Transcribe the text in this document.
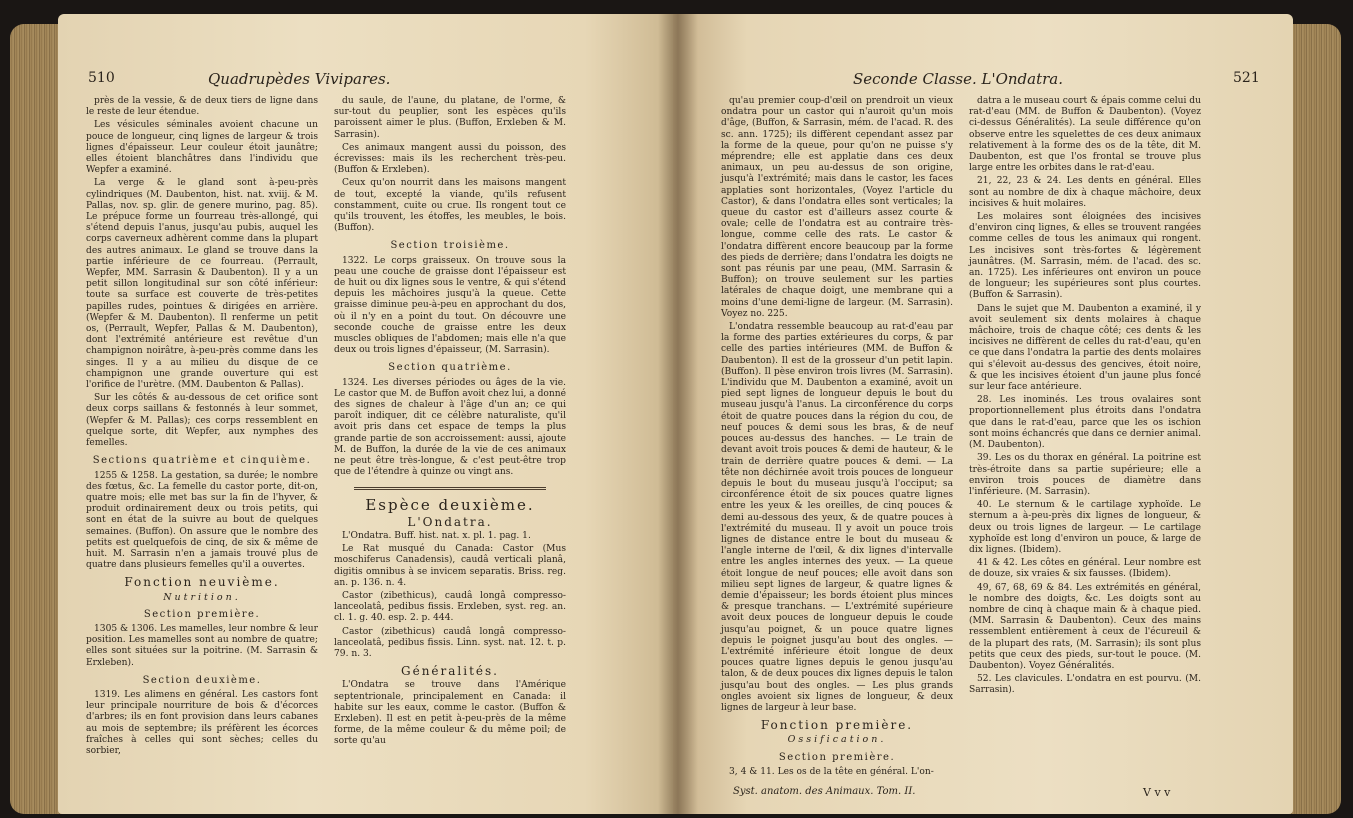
510	Quadrupèdes Vivipares.

près de la vessie, & de deux tiers de ligne dans le reste de leur étendue.

Les vésicules séminales avoient chacune un pouce de longueur, cinq lignes de largeur & trois lignes d'épaisseur. Leur couleur étoit jaunâtre; elles étoient blanchâtres dans l'individu que Wepfer a examiné.

La verge & le gland sont à-peu-près cylindriques (M. Daubenton, hist. nat. xviij. & M. Pallas, nov. sp. glir. de genere murino, pag. 85). Le prépuce forme un fourreau très-allongé, qui s'étend depuis l'anus, jusqu'au pubis, auquel les corps caverneux adhèrent comme dans la plupart des autres animaux. Le gland se trouve dans la partie inférieure de ce fourreau. (Perrault, Wepfer, MM. Sarrasin & Daubenton). Il y a un petit sillon longitudinal sur son côté inférieur: toute sa surface est couverte de très-petites papilles rudes, pointues & dirigées en arrière. (Wepfer & M. Daubenton). Il renferme un petit os, (Perrault, Wepfer, Pallas & M. Daubenton), dont l'extrémité antérieure est revêtue d'un champignon noirâtre, à-peu-près comme dans les singes. Il y a au milieu du disque de ce champignon une grande ouverture qui est l'orifice de l'urètre. (MM. Daubenton & Pallas).

Sur les côtés & au-dessous de cet orifice sont deux corps saillans & festonnés à leur sommet, (Wepfer & M. Pallas); ces corps ressemblent en quelque sorte, dit Wepfer, aux nymphes des femelles.

Sections quatrième et cinquième.

1255 & 1258. La gestation, sa durée; le nombre des fœtus, &c. La femelle du castor porte, dit-on, quatre mois; elle met bas sur la fin de l'hyver, & produit ordinairement deux ou trois petits, qui sont en état de la suivre au bout de quelques semaines. (Buffon). On assure que le nombre des petits est quelquefois de cinq, de six & même de huit. M. Sarrasin n'en a jamais trouvé plus de quatre dans plusieurs femelles qu'il a ouvertes.

Fonction neuvième.
Nutrition.
Section première.

1305 & 1306. Les mamelles, leur nombre & leur position. Les mamelles sont au nombre de quatre; elles sont situées sur la poitrine. (M. Sarrasin & Erxleben).

Section deuxième.

1319. Les alimens en général. Les castors font leur principale nourriture de bois & d'écorces d'arbres; ils en font provision dans leurs cabanes au mois de septembre; ils préfèrent les écorces fraîches à celles qui sont sèches; celles du sorbier,

du saule, de l'aune, du platane, de l'orme, & sur-tout du peuplier, sont les espèces qu'ils paroissent aimer le plus. (Buffon, Erxleben & M. Sarrasin).

Ces animaux mangent aussi du poisson, des écrevisses: mais ils les recherchent très-peu. (Buffon & Erxleben).

Ceux qu'on nourrit dans les maisons mangent de tout, excepté la viande, qu'ils refusent constamment, cuite ou crue. Ils rongent tout ce qu'ils trouvent, les étoffes, les meubles, le bois. (Buffon).

Section troisième.

1322. Le corps graisseux. On trouve sous la peau une couche de graisse dont l'épaisseur est de huit ou dix lignes sous le ventre, & qui s'étend depuis les mâchoires jusqu'à la queue. Cette graisse diminue peu-à-peu en approchant du dos, où il n'y en a point du tout. On découvre une seconde couche de graisse entre les deux muscles obliques de l'abdomen; mais elle n'a que deux ou trois lignes d'épaisseur, (M. Sarrasin).

Section quatrième.

1324. Les diverses périodes ou âges de la vie. Le castor que M. de Buffon avoit chez lui, a donné des signes de chaleur à l'âge d'un an; ce qui paroît indiquer, dit ce célèbre naturaliste, qu'il avoit pris dans cet espace de temps la plus grande partie de son accroissement: aussi, ajoute M. de Buffon, la durée de la vie de ces animaux ne peut être très-longue, & c'est peut-être trop que de l'étendre à quinze ou vingt ans.

Espèce deuxième.
L'Ondatra.

L'Ondatra. Buff. hist. nat. x. pl. 1. pag. 1.

Le Rat musqué du Canada: Castor (Mus moschiferus Canadensis), caudâ verticali planâ, digitis omnibus à se invicem separatis. Briss. reg. an. p. 136. n. 4.

Castor (zibethicus), caudâ longâ compresso-lanceolatâ, pedibus fissis. Erxleben, syst. reg. an. cl. 1. g. 40. esp. 2. p. 444.

Castor (zibethicus) caudâ longâ compresso-lanceolatâ, pedibus fissis. Linn. syst. nat. 12. t. p. 79. n. 3.

Généralités.

L'Ondatra se trouve dans l'Amérique septentrionale, principalement en Canada: il habite sur les eaux, comme le castor. (Buffon & Erxleben). Il est en petit à-peu-près de la même forme, de la même couleur & du même poil; de sorte qu'au

Seconde Classe. L'Ondatra.	521

qu'au premier coup-d'œil on prendroit un vieux ondatra pour un castor qui n'auroit qu'un mois d'âge, (Buffon, & Sarrasin, mém. de l'acad. R. des sc. ann. 1725); ils diffèrent cependant assez par la forme de la queue, pour qu'on ne puisse s'y méprendre; elle est applatie dans ces deux animaux, un peu au-dessus de son origine, jusqu'à l'extrémité; mais dans le castor, les faces applaties sont horizontales, (Voyez l'article du Castor), & dans l'ondatra elles sont verticales; la queue du castor est d'ailleurs assez courte & ovale; celle de l'ondatra est au contraire très-longue, comme celle des rats. Le castor & l'ondatra diffèrent encore beaucoup par la forme des pieds de derrière; dans l'ondatra les doigts ne sont pas réunis par une peau, (MM. Sarrasin & Buffon); on trouve seulement sur les parties latérales de chaque doigt, une membrane qui a moins d'une demi-ligne de largeur. (M. Sarrasin). Voyez no. 225.

L'ondatra ressemble beaucoup au rat-d'eau par la forme des parties extérieures du corps, & par celle des parties intérieures (MM. de Buffon & Daubenton). Il est de la grosseur d'un petit lapin. (Buffon). Il pèse environ trois livres (M. Sarrasin). L'individu que M. Daubenton a examiné, avoit un pied sept lignes de longueur depuis le bout du museau jusqu'à l'anus. La circonférence du corps étoit de quatre pouces dans la région du cou, de neuf pouces & demi sous les bras, & de neuf pouces au-dessus des hanches. — Le train de devant avoit trois pouces & demi de hauteur, & le train de derrière quatre pouces & demi. — La tête non déchirnée avoit trois pouces de longueur depuis le bout du museau jusqu'à l'occiput; sa circonférence étoit de six pouces quatre lignes entre les yeux & les oreilles, de cinq pouces & demi au-dessous des yeux, & de quatre pouces à l'extrémité du museau. Il y avoit un pouce trois lignes de distance entre le bout du museau & l'angle interne de l'œil, & dix lignes d'intervalle entre les angles internes des yeux. — La queue étoit longue de neuf pouces; elle avoit dans son milieu sept lignes de largeur, & quatre lignes & demie d'épaisseur; les bords étoient plus minces & presque tranchans. — L'extrémité supérieure avoit deux pouces de longueur depuis le coude jusqu'au poignet, & un pouce quatre lignes depuis le poignet jusqu'au bout des ongles. — L'extrémité inférieure étoit longue de deux pouces quatre lignes depuis le genou jusqu'au talon, & de deux pouces dix lignes depuis le talon jusqu'au bout des ongles. — Les plus grands ongles avoient six lignes de longueur, & deux lignes de largeur à leur base.

Fonction première.
Ossification.
Section première.

3, 4 & 11. Les os de la tête en général. L'on-

datra a le museau court & épais comme celui du rat-d'eau (MM. de Buffon & Daubenton). (Voyez ci-dessus Généralités). La seule différence qu'on observe entre les squelettes de ces deux animaux relativement à la forme des os de la tête, dit M. Daubenton, est que l'os frontal se trouve plus large entre les orbites dans le rat-d'eau.

21, 22, 23 & 24. Les dents en général. Elles sont au nombre de dix à chaque mâchoire, deux incisives & huit molaires.

Les molaires sont éloignées des incisives d'environ cinq lignes, & elles se trouvent rangées comme celles de tous les animaux qui rongent. Les incisives sont très-fortes & légèrement jaunâtres. (M. Sarrasin, mém. de l'acad. des sc. an. 1725). Les inférieures ont environ un pouce de longueur; les supérieures sont plus courtes. (Buffon & Sarrasin).

Dans le sujet que M. Daubenton a examiné, il y avoit seulement six dents molaires à chaque mâchoire, trois de chaque côté; ces dents & les incisives ne diffèrent de celles du rat-d'eau, qu'en ce que dans l'ondatra la partie des dents molaires qui s'élevoit au-dessus des gencives, étoit noire, & que les incisives étoient d'un jaune plus foncé sur leur face antérieure.

28. Les inominés. Les trous ovalaires sont proportionnellement plus étroits dans l'ondatra que dans le rat-d'eau, parce que les os ischion sont moins échancrés que dans ce dernier animal. (M. Daubenton).

39. Les os du thorax en général. La poitrine est très-étroite dans sa partie supérieure; elle a environ trois pouces de diamètre dans l'inférieure. (M. Sarrasin).

40. Le sternum & le cartilage xyphoïde. Le sternum a à-peu-près dix lignes de longueur, & deux ou trois lignes de largeur. — Le cartilage xyphoïde est long d'environ un pouce, & large de dix lignes. (Ibidem).

41 & 42. Les côtes en général. Leur nombre est de douze, six vraies & six fausses. (Ibidem).

49, 67, 68, 69 & 84. Les extrémités en général, le nombre des doigts, &c. Les doigts sont au nombre de cinq à chaque main & à chaque pied. (MM. Sarrasin & Daubenton). Ceux des mains ressemblent entièrement à ceux de l'écureuil & de la plupart des rats, (M. Sarrasin); ils sont plus petits que ceux des pieds, sur-tout le pouce. (M. Daubenton). Voyez Généralités.

52. Les clavicules. L'ondatra en est pourvu. (M. Sarrasin).

Syst. anatom. des Animaux. Tom. II.	V v v
